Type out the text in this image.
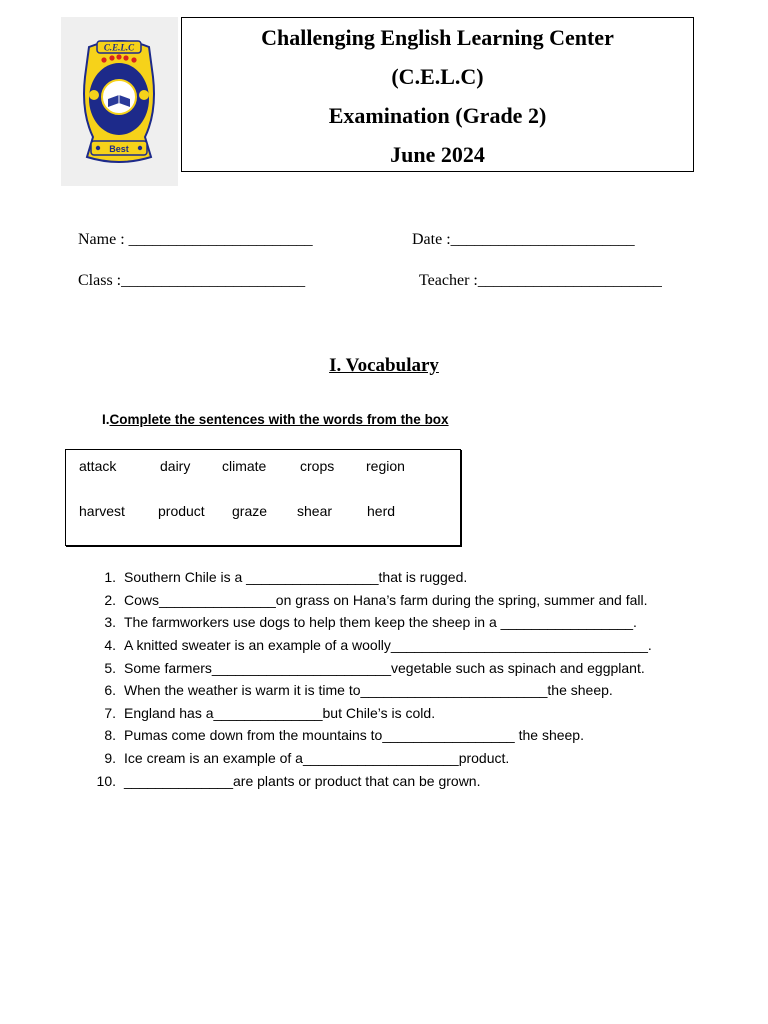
C.E.L.C
Best
Challenging English Learning Center
(C.E.L.C)
Examination (Grade 2)
June 2024
Name : _______________________	Date :_______________________
Class :_______________________	Teacher :_______________________
I. Vocabulary
I.Complete the sentences with the words from the box
attack	dairy climate crops region
harvest product graze shear herd
1. Southern Chile is a _________________that is rugged.
2. Cows_______________on grass on Hana’s farm during the spring, summer and fall.
3. The farmworkers use dogs to help them keep the sheep in a _________________.
4. A knitted sweater is an example of a woolly_________________________________.
5. Some farmers_______________________vegetable such as spinach and eggplant.
6. When the weather is warm it is time to________________________the sheep.
7. England has a______________but Chile’s is cold.
8. Pumas come down from the mountains to_________________ the sheep.
9. Ice cream is an example of a____________________product.
10. ______________are plants or product that can be grown.
